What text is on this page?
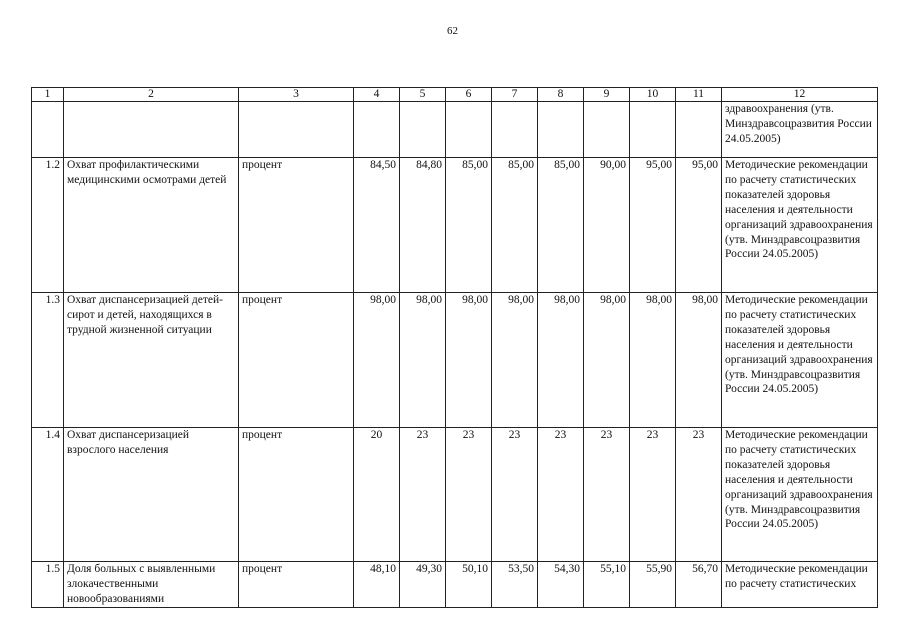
62
1	2	3	4	5	6	7	8	9	10	11	12
											здравоохранения (утв. Минздравсоцразвития России 24.05.2005)
1.2	Охват профилактическими медицинскими осмотрами детей	процент	84,50	84,80	85,00	85,00	85,00	90,00	95,00	95,00	Методические рекомендации по расчету статистических показателей здоровья населения и деятельности организаций здравоохранения (утв. Минздравсоцразвития России 24.05.2005)
1.3	Охват диспансеризацией детей-сирот и детей, находящихся в трудной жизненной ситуации	процент	98,00	98,00	98,00	98,00	98,00	98,00	98,00	98,00	Методические рекомендации по расчету статистических показателей здоровья населения и деятельности организаций здравоохранения (утв. Минздравсоцразвития России 24.05.2005)
1.4	Охват диспансеризацией взрослого населения	процент	20	23	23	23	23	23	23	23	Методические рекомендации по расчету статистических показателей здоровья населения и деятельности организаций здравоохранения (утв. Минздравсоцразвития России 24.05.2005)
1.5	Доля больных с выявленными злокачественными новообразованиями	процент	48,10	49,30	50,10	53,50	54,30	55,10	55,90	56,70	Методические рекомендации по расчету статистических
